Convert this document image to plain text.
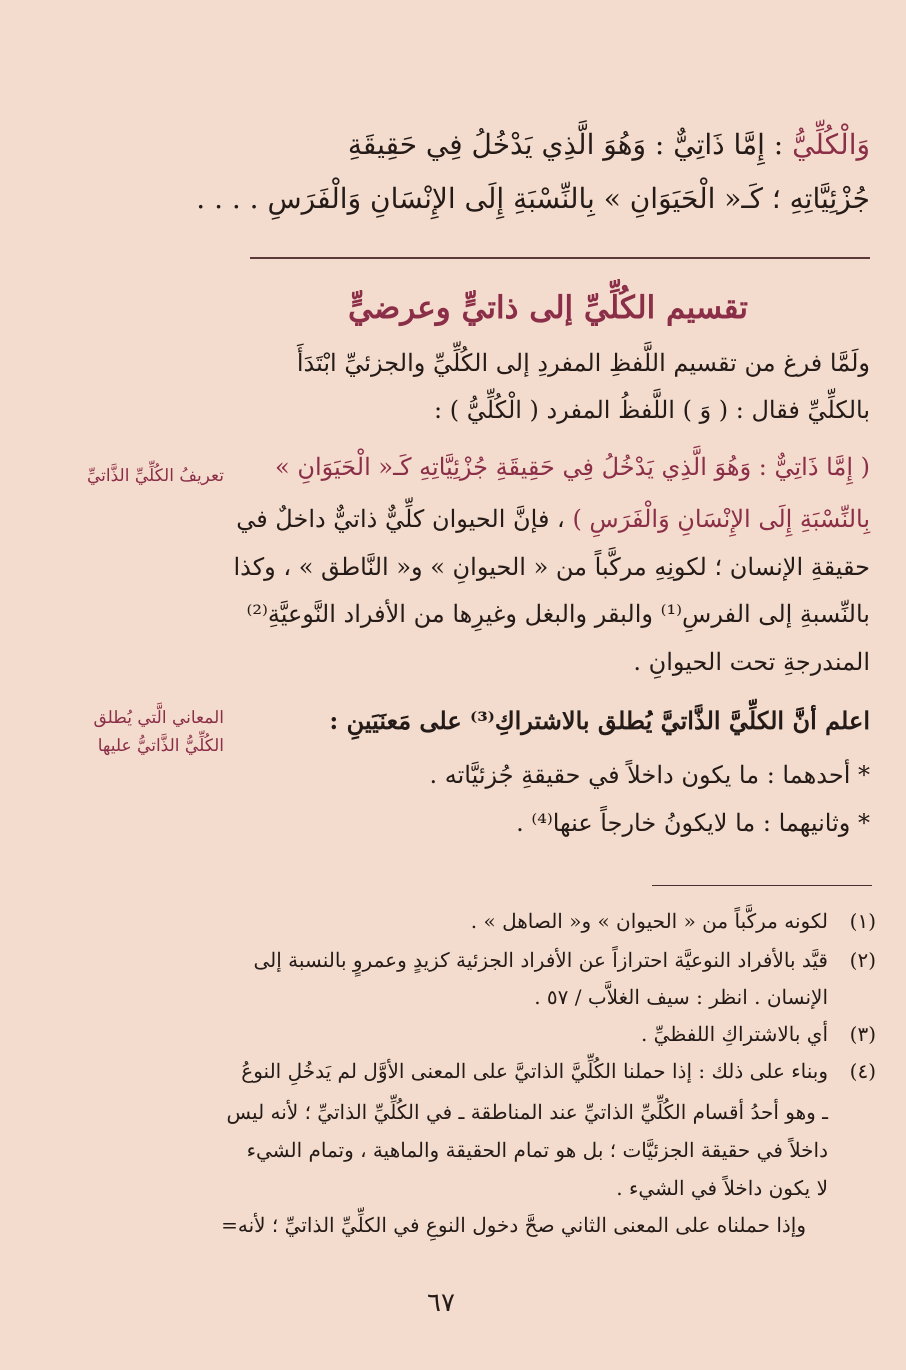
وَالْكُلِّيُّ : إِمَّا ذَاتِيٌّ : وَهُوَ الَّذِي يَدْخُلُ فِي حَقِيقَةِ
جُزْئِيَّاتِهِ ؛ كَـ« الْحَيَوَانِ » بِالنِّسْبَةِ إِلَى الإِنْسَانِ وَالْفَرَسِ . . . .
تقسيم الكُلِّيِّ إلى ذاتيٍّ وعرضيٍّ
ولَمَّا فرغ من تقسيم اللَّفظِ المفردِ إلى الكُلِّيِّ والجزئيِّ ابْتَدَأَ
بالكلِّيِّ فقال : ( وَ ) اللَّفظُ المفرد ( الْكُلِّيُّ ) :
( إِمَّا ذَاتِيٌّ : وَهُوَ الَّذِي يَدْخُلُ فِي حَقِيقَةِ جُزْئِيَّاتِهِ كَـ« الْحَيَوَانِ »
بِالنِّسْبَةِ إِلَى الإِنْسَانِ وَالْفَرَسِ ) ، فإنَّ الحيوان كلِّيٌّ ذاتيٌّ داخلٌ في
حقيقةِ الإنسان ؛ لكونِهِ مركَّباً من « الحيوانِ » و« النَّاطق » ، وكذا
بالنِّسبةِ إلى الفرسِ⁽¹⁾ والبقر والبغل وغيرِها من الأفراد النَّوعيَّةِ⁽²⁾
المندرجةِ تحت الحيوانِ .
اعلم أنَّ الكلِّيَّ الذَّاتيَّ يُطلق بالاشتراكِ⁽³⁾ على مَعنَيَينِ :
* أحدهما : ما يكون داخلاً في حقيقةِ جُزئيَّاته .
* وثانيهما : ما لايكونُ خارجاً عنها⁽⁴⁾ .
تعريفُ الكُلِّيِّ الذَّاتيِّ
المعاني الَّتي يُطلق
الكُلِّيُّ الذَّاتيُّ عليها
(١)
لكونه مركَّباً من « الحيوان » و« الصاهل » .
(٢)
قيَّد بالأفراد النوعيَّة احترازاً عن الأفراد الجزئية كزيدٍ وعمروٍ بالنسبة إلى
الإنسان . انظر : سيف الغلاَّب / ٥٧ .
(٣)
أي بالاشتراكِ اللفظيِّ .
(٤)
وبناء على ذلك : إذا حملنا الكُلِّيَّ الذاتيَّ على المعنى الأوَّل لم يَدخُلِ النوعُ
ـ وهو أحدُ أقسام الكُلِّيِّ الذاتيِّ عند المناطقة ـ في الكُلِّيِّ الذاتيِّ ؛ لأنه ليس
داخلاً في حقيقة الجزئيَّات ؛ بل هو تمام الحقيقة والماهية ، وتمام الشيء
لا يكون داخلاً في الشيء .
وإذا حملناه على المعنى الثاني صحَّ دخول النوعِ في الكلِّيِّ الذاتيِّ ؛ لأنه=
٦٧
